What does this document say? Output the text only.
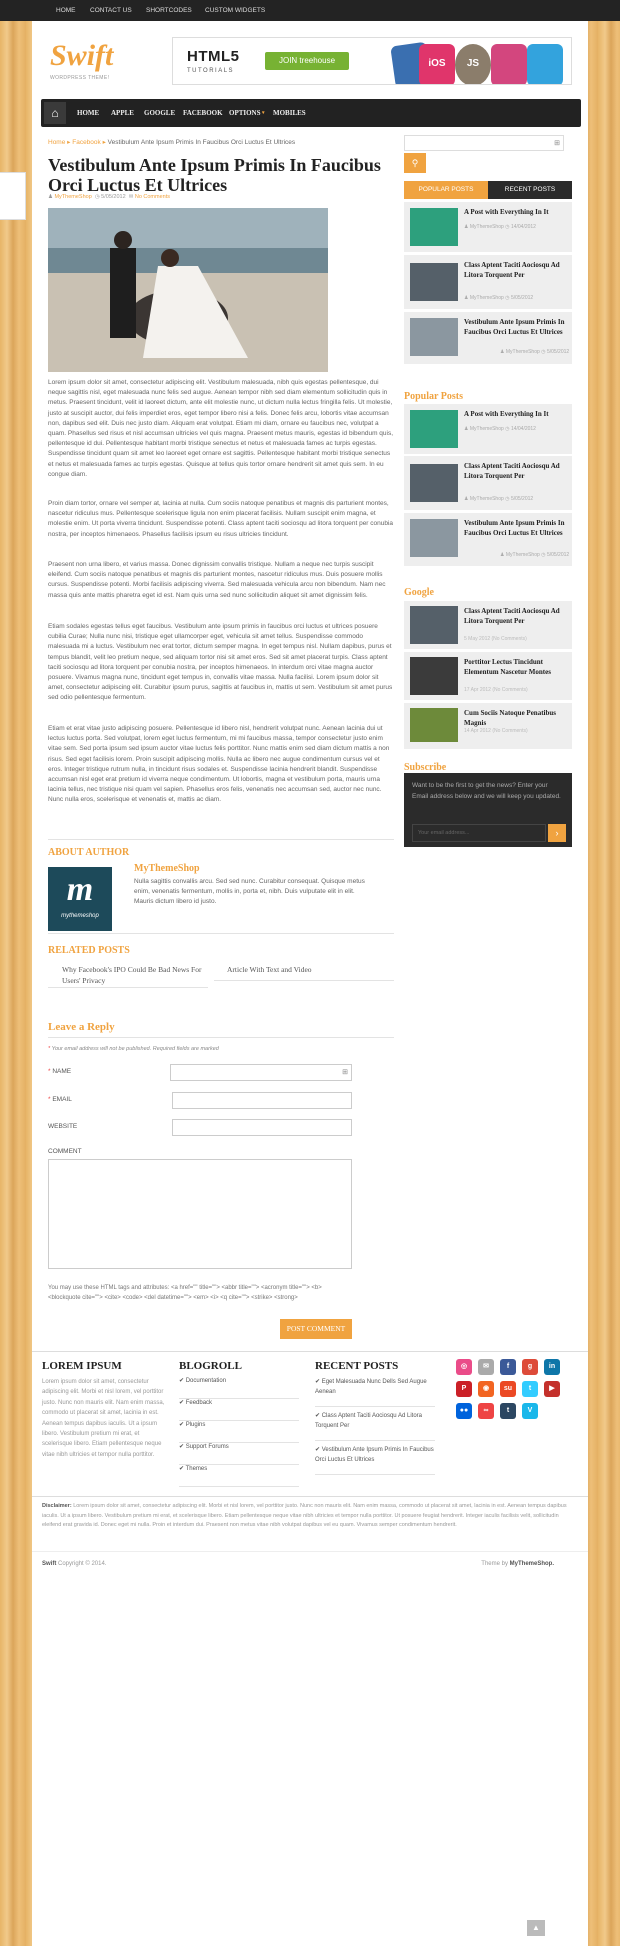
HOME CONTACT US SHORTCODES CUSTOM WIDGETS
Swift
WORDPRESS THEME!
HTML5
TUTORIALS
JOIN treehouse	iOS	JS
⌂	HOME APPLE GOOGLE FACEBOOK OPTIONS ▾ MOBILES
Home ▸ Facebook ▸ Vestibulum Ante Ipsum Primis In Faucibus Orci Luctus Et Ultrices	⊞
⚲
Vestibulum Ante Ipsum Primis In Faucibus Orci Luctus Et Ultrices
♟ MyThemeShop ◷ 5/05/2012 ✉ No Comments
Lorem ipsum dolor sit amet, consectetur adipiscing elit. Vestibulum malesuada, nibh quis egestas pellentesque, dui neque sagittis nisl, eget malesuada nunc felis sed augue. Aenean tempor nibh sed diam elementum sollicitudin quis in metus. Praesent tincidunt, velit id laoreet dictum, ante elit molestie nunc, ut dictum nulla lectus fringilla felis. Ut molestie, justo at suscipit auctor, dui felis imperdiet eros, eget tempor libero nisi a felis. Donec felis arcu, lobortis vitae accumsan non, dapibus sed elit. Duis nec justo diam. Aliquam erat volutpat. Etiam mi diam, ornare eu faucibus nec, volutpat a quam. Phasellus sed risus et nisl accumsan ultricies vel quis magna. Praesent metus mauris, egestas id bibendum quis, pellentesque id dui. Pellentesque habitant morbi tristique senectus et netus et malesuada fames ac turpis egestas. Suspendisse tincidunt quam sit amet leo laoreet eget ornare est sagittis. Pellentesque habitant morbi tristique senectus et netus et malesuada fames ac turpis egestas. Quisque at tellus quis tortor ornare hendrerit sit amet quis sem. In eu congue diam.
Proin diam tortor, ornare vel semper at, lacinia at nulla. Cum sociis natoque penatibus et magnis dis parturient montes, nascetur ridiculus mus. Pellentesque scelerisque ligula non enim placerat facilisis. Nullam suscipit enim magna, et molestie enim. Ut porta viverra tincidunt. Suspendisse potenti. Class aptent taciti sociosqu ad litora torquent per conubia nostra, per inceptos himenaeos. Phasellus facilisis ipsum eu risus ultricies tincidunt.
Praesent non urna libero, et varius massa. Donec dignissim convallis tristique. Nullam a neque nec turpis suscipit eleifend. Cum sociis natoque penatibus et magnis dis parturient montes, nascetur ridiculus mus. Duis posuere mollis cursus. Suspendisse potenti. Morbi facilisis adipiscing viverra. Sed malesuada vehicula arcu non bibendum. Nam nec massa quis ante mattis pharetra eget id est. Nam quis urna sed nunc sollicitudin aliquet sit amet dignissim felis.
Etiam sodales egestas tellus eget faucibus. Vestibulum ante ipsum primis in faucibus orci luctus et ultrices posuere cubilia Curae; Nulla nunc nisi, tristique eget ullamcorper eget, vehicula sit amet tellus. Suspendisse commodo malesuada mi a luctus. Vestibulum nec erat tortor, dictum semper magna. In eget tempus nisl. Nullam dapibus, purus et tempus blandit, velit leo pretium neque, sed aliquam tortor nisi sit amet eros. Sed sit amet placerat turpis. Class aptent taciti sociosqu ad litora torquent per conubia nostra, per inceptos himenaeos. In interdum orci vitae magna auctor posuere. Vivamus magna nunc, tincidunt eget tempus in, convallis vitae massa. Nulla facilisi. Lorem ipsum dolor sit amet, consectetur adipiscing elit. Curabitur ipsum purus, sagittis at faucibus in, mattis ut sem. Vestibulum sit amet purus sed odio pellentesque fermentum.
Etiam et erat vitae justo adipiscing posuere. Pellentesque id libero nisl, hendrerit volutpat nunc. Aenean lacinia dui ut lectus luctus porta. Sed volutpat, lorem eget luctus fermentum, mi mi faucibus massa, tempor consectetur justo enim vitae sem. Sed porta ipsum sed ipsum auctor vitae luctus felis porttitor. Nunc mattis enim sed diam dictum mattis a non risus. Sed eget facilisis lorem. Proin suscipit adipiscing mollis. Nulla ac libero nec augue condimentum cursus vel et eros. Integer tristique rutrum nulla, in tincidunt risus sodales et. Suspendisse lacinia hendrerit blandit. Suspendisse accumsan nisl eget erat pretium id viverra neque condimentum. Ut lobortis, magna et vestibulum porta, mauris urna lacinia tellus, nec tristique nisi quam vel sapien. Phasellus eros felis, venenatis nec accumsan sed, auctor nec nunc. Nunc nulla eros, scelerisque et venenatis et, mattis ac diam.
ABOUT AUTHOR
m
mythemeshop
MyThemeShop
Nulla sagittis convallis arcu. Sed sed nunc. Curabitur consequat. Quisque metus enim, venenatis fermentum, mollis in, porta et, nibh. Duis vulputate elit in elit. Mauris dictum libero id justo.
RELATED POSTS
Why Facebook's IPO Could Be Bad News For Users' Privacy
Article With Text and Video
Leave a Reply
* Your email address will not be published. Required fields are marked
* NAME	⊞
* EMAIL
WEBSITE
COMMENT
You may use these HTML tags and attributes: <a href="" title=""> <abbr title=""> <acronym title=""> <b> <blockquote cite=""> <cite> <code> <del datetime=""> <em> <i> <q cite=""> <strike> <strong>
POST COMMENT
POPULAR POSTS	RECENT POSTS
A Post with Everything In It
♟ MyThemeShop ◷ 14/04/2012
Class Aptent Taciti Aociosqu Ad Litora Torquent Per
♟ MyThemeShop ◷ 5/05/2012
Vestibulum Ante Ipsum Primis In Faucibus Orci Luctus Et Ultrices
♟ MyThemeShop ◷ 5/05/2012
Popular Posts
A Post with Everything In It
♟ MyThemeShop ◷ 14/04/2012
Class Aptent Taciti Aociosqu Ad Litora Torquent Per
♟ MyThemeShop ◷ 5/05/2012
Vestibulum Ante Ipsum Primis In Faucibus Orci Luctus Et Ultrices
♟ MyThemeShop ◷ 5/05/2012
Google
Class Aptent Taciti Aociosqu Ad Litora Torquent Per
5 May 2012 (No Comments)
Porttitor Lectus Tincidunt Elementum Nascetur Montes
17 Apr 2012 (No Comments)
Cum Sociis Natoque Penatibus Magnis
14 Apr 2012 (No Comments)
Subscribe
Want to be the first to get the news? Enter your Email address below and we will keep you updated.
Your email address...	›
LOREM IPSUM
Lorem ipsum dolor sit amet, consectetur adipiscing elit. Morbi et nisl lorem, vel porttitor justo. Nunc non mauris elit. Nam enim massa, commodo ut placerat sit amet, lacinia in est. Aenean tempus dapibus iaculis. Ut a ipsum libero. Vestibulum pretium mi erat, et scelerisque libero. Etiam pellentesque neque vitae nibh ultricies et tempor nulla porttitor.
BLOGROLL
✔ Documentation
✔ Feedback
✔ Plugins
✔ Support Forums
✔ Themes
RECENT POSTS
✔ Eget Malesuada Nunc Dells Sed Augue Aenean
✔ Class Aptent Taciti Aociosqu Ad Litora Torquent Per
✔ Vestibulum Ante Ipsum Primis In Faucibus Orci Luctus Et Ultrices
◎	✉	f	g	in
P	◉	su	t	▶
●●	∞	t	V
Disclaimer: Lorem ipsum dolor sit amet, consectetur adipiscing elit. Morbi et nisl lorem, vel porttitor justo. Nunc non mauris elit. Nam enim massa, commodo ut placerat sit amet, lacinia in est. Aenean tempus dapibus iaculis. Ut a ipsum libero. Vestibulum pretium mi erat, et scelerisque libero. Etiam pellentesque neque vitae nibh ultricies et tempor nulla porttitor. Ut posuere feugiat hendrerit. Integer iaculis facilisis velit, sollicitudin eleifend erat gravida id. Donec eget mi nulla. Proin et interdum dui. Praesent non metus vitae nibh volutpat dapibus vel eu quam. Vivamus semper condimentum hendrerit.
Swift Copyright © 2014.	Theme by MyThemeShop.
▲
